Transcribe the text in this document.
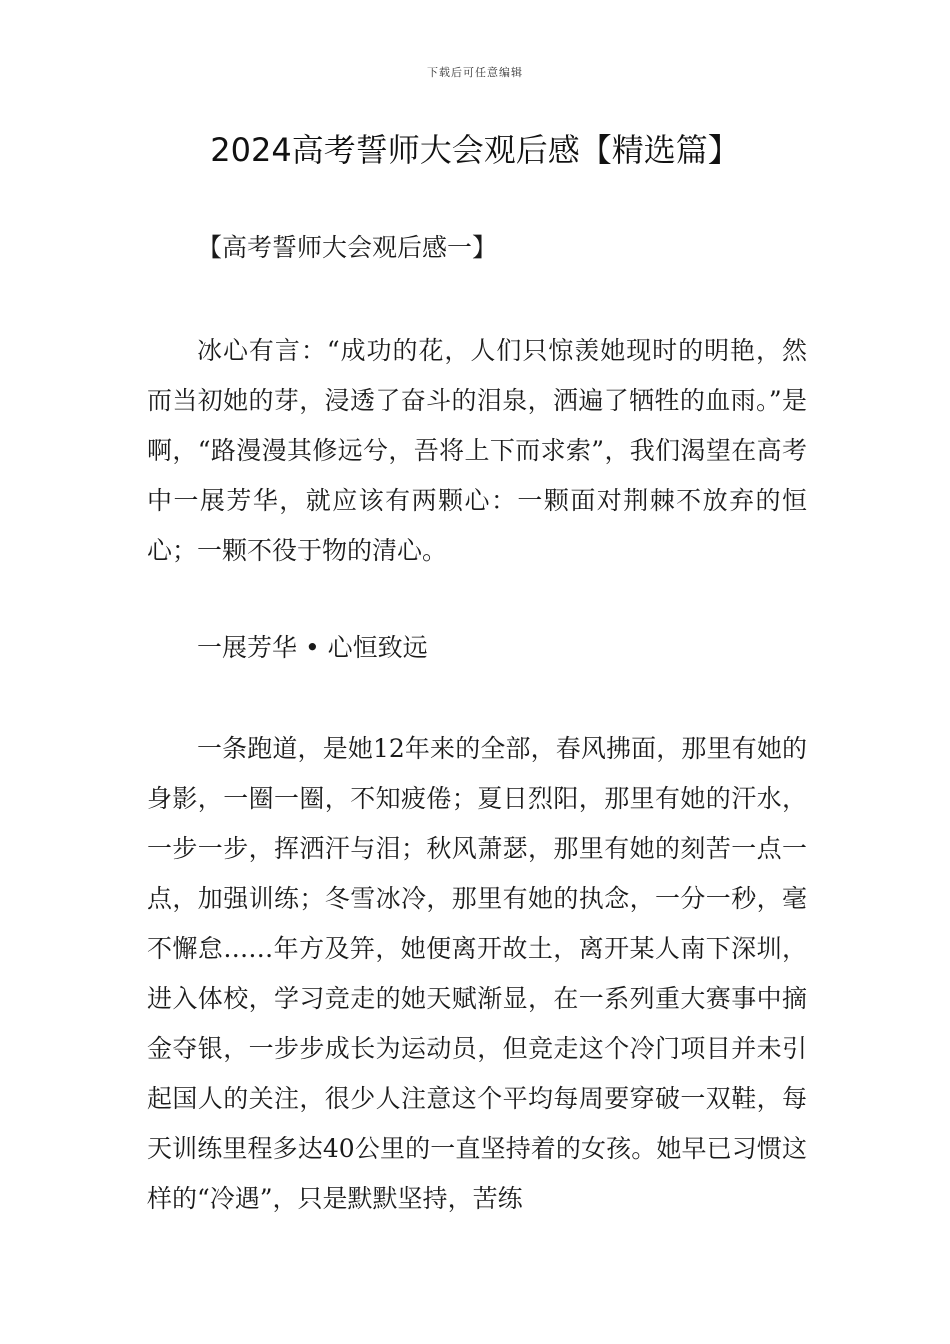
下载后可任意编辑
2024高考誓师大会观后感【精选篇】
【高考誓师大会观后感一】

冰心有言：“成功的花，人们只惊羡她现时的明艳，然而当初她的芽，浸透了奋斗的泪泉，洒遍了牺牲的血雨。”是啊，“路漫漫其修远兮，吾将上下而求索”，我们渴望在高考中一展芳华，就应该有两颗心：一颗面对荆棘不放弃的恒心；一颗不役于物的清心。

一展芳华 • 心恒致远

一条跑道，是她12年来的全部，春风拂面，那里有她的身影，一圈一圈，不知疲倦；夏日烈阳，那里有她的汗水，一步一步，挥洒汗与泪；秋风萧瑟，那里有她的刻苦一点一点，加强训练；冬雪冰冷，那里有她的执念，一分一秒，毫不懈怠……年方及笄，她便离开故土，离开某人南下深圳，进入体校，学习竞走的她天赋渐显，在一系列重大赛事中摘金夺银，一步步成长为运动员，但竞走这个冷门项目并未引起国人的关注，很少人注意这个平均每周要穿破一双鞋，每天训练里程多达40公里的一直坚持着的女孩。她早已习惯这样的“冷遇”，只是默默坚持，苦练
